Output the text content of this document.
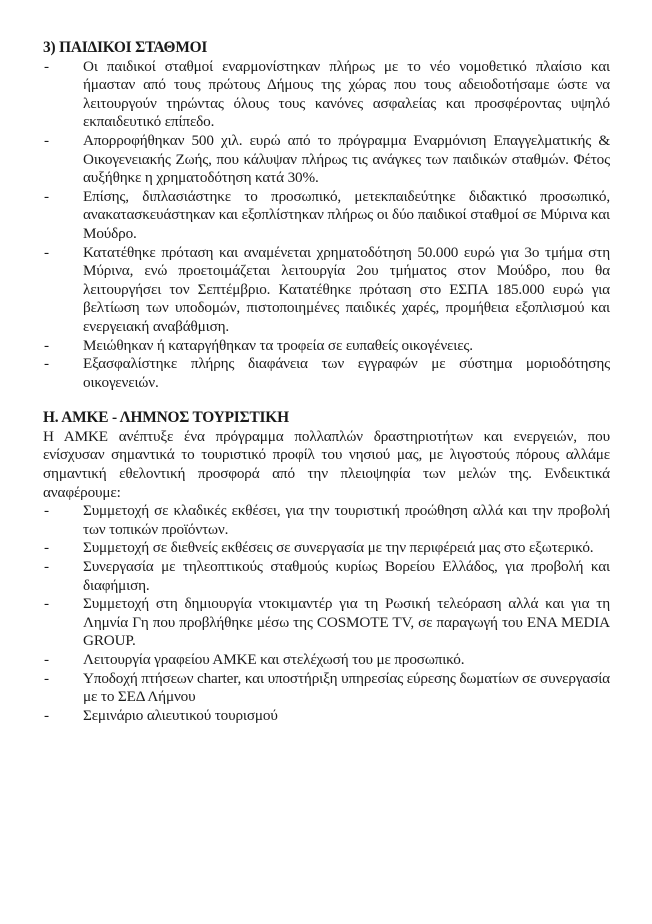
3) ΠΑΙΔΙΚΟΙ ΣΤΑΘΜΟΙ
- Οι παιδικοί σταθμοί εναρμονίστηκαν πλήρως με το νέο νομοθετικό πλαίσιο και ήμασταν από τους πρώτους Δήμους της χώρας που τους αδειοδοτήσαμε ώστε να λειτουργούν τηρώντας όλους τους κανόνες ασφαλείας και προσφέροντας υψηλό εκπαιδευτικό επίπεδο.
- Απορροφήθηκαν 500 χιλ. ευρώ από το πρόγραμμα Εναρμόνιση Επαγγελματικής & Οικογενειακής Ζωής, που κάλυψαν πλήρως τις ανάγκες των παιδικών σταθμών. Φέτος αυξήθηκε η χρηματοδότηση κατά 30%.
- Επίσης, διπλασιάστηκε το προσωπικό, μετεκπαιδεύτηκε διδακτικό προσωπικό, ανακατασκευάστηκαν και εξοπλίστηκαν πλήρως οι δύο παιδικοί σταθμοί σε Μύρινα και Μούδρο.
- Κατατέθηκε πρόταση και αναμένεται χρηματοδότηση 50.000 ευρώ για 3ο τμήμα στη Μύρινα, ενώ προετοιμάζεται λειτουργία 2ου τμήματος στον Μούδρο, που θα λειτουργήσει τον Σεπτέμβριο. Κατατέθηκε πρόταση στο ΕΣΠΑ 185.000 ευρώ για βελτίωση των υποδομών, πιστοποιημένες παιδικές χαρές, προμήθεια εξοπλισμού και ενεργειακή αναβάθμιση.
- Μειώθηκαν ή καταργήθηκαν τα τροφεία σε ευπαθείς οικογένειες.
- Εξασφαλίστηκε πλήρης διαφάνεια των εγγραφών με σύστημα μοριοδότησης οικογενειών.
Η. ΑΜΚΕ - ΛΗΜΝΟΣ ΤΟΥΡΙΣΤΙΚΗ

Η ΑΜΚΕ ανέπτυξε ένα πρόγραμμα πολλαπλών δραστηριοτήτων και ενεργειών, που ενίσχυσαν σημαντικά το τουριστικό προφίλ του νησιού μας, με λιγοστούς πόρους αλλάμε σημαντική εθελοντική προσφορά από την πλειοψηφία των μελών της. Ενδεικτικά αναφέρουμε:

- Συμμετοχή σε κλαδικές εκθέσει, για την τουριστική προώθηση αλλά και την προβολή των τοπικών προϊόντων.
- Συμμετοχή σε διεθνείς εκθέσεις σε συνεργασία με την περιφέρειά μας στο εξωτερικό.
- Συνεργασία με τηλεοπτικούς σταθμούς κυρίως Βορείου Ελλάδος, για προβολή και διαφήμιση.
- Συμμετοχή στη δημιουργία ντοκιμαντέρ για τη Ρωσική τελεόραση αλλά και για τη Λημνία Γη που προβλήθηκε μέσω της COSMOTE TV, σε παραγωγή του ENA MEDIA GROUP.
- Λειτουργία γραφείου ΑΜΚΕ και στελέχωσή του με προσωπικό.
- Υποδοχή πτήσεων charter, και υποστήριξη υπηρεσίας εύρεσης δωματίων σε συνεργασία με το ΣΕΔ Λήμνου
- Σεμινάριο αλιευτικού τουρισμού
